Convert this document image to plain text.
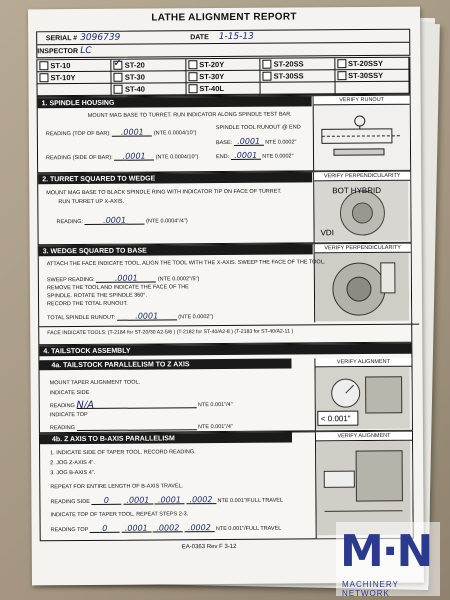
LATHE ALIGNMENT REPORT
SERIAL # 3096739	DATE 1-15-13
INSPECTOR LC
ST-10
✓	ST-20	ST-20Y	ST-20SS	ST-20SSY
ST-10Y	ST-30	ST-30Y	ST-30SS	ST-30SSY
ST-40	ST-40L
1. SPINDLE HOUSING	VERIFY RUNOUT
MOUNT MAG BASE TO TURRET. RUN INDICATOR ALONG SPINDLE TEST BAR.
READING (TOP OF BAR): .0001 (NTE 0.0004/10")
SPINDLE TOOL RUNOUT @ END
BASE: .0001 NTE 0.0002"
READING (SIDE OF BAR): .0001 (NTE 0.0004/10")	END: .0001 NTE 0.0002"
2. TURRET SQUARED TO WEDGE	VERIFY PERPENDICULARITY
BOT HYBRID
VDI
MOUNT MAG BASE TO BLACK SPINDLE RING WITH INDICATOR TIP ON FACE OF TURRET.
RUN TURRET UP X-AXIS.
READING:	.0001	(NTE 0.0004"/4")
3. WEDGE SQUARED TO BASE	VERIFY PERPENDICULARITY
ATTACH THE FACE INDICATE TOOL. ALIGN THE TOOL WITH THE X-AXIS. SWEEP THE FACE OF THE TOOL.
SWEEP READING:	.0001	(NTE 0.0002"/5")
REMOVE THE TOOL AND INDICATE THE FACE OF THE
SPINDLE. ROTATE THE SPINDLE 360°.
RECORD THE TOTAL RUNOUT.
TOTAL SPINDLE RUNOUT:	.0001	(NTE 0.0002")
FACE INDICATE TOOLS: (T-2184 for ST-20/30 A2-5/6 ) (T-2182 for ST-40/A2-8 ) (T-2183 for ST-40/A2-11 )
4. TAILSTOCK ASSEMBLY
4a. TAILSTOCK PARALLELISM TO Z AXIS	VERIFY ALIGNMENT
< 0.001"
MOUNT TAPER ALIGNMENT TOOL.
INDICATE SIDE
READING N/A	NTE 0.001"/4"
INDICATE TOP
READING	NTE 0.001"/4"
4b. Z AXIS TO B-AXIS PARALLELISM	VERIFY ALIGNMENT
1. INDICATE SIDE OF TAPER TOOL. RECORD READING.
2. JOG Z-AXIS 4".
3. JOG B-AXIS 4".
REPEAT FOR ENTIRE LENGTH OF B-AXIS TRAVEL.
READING SIDE 0 .0001 .0001 .0002 NTE 0.001"/FULL TRAVEL
INDICATE TOP OF TAPER TOOL. REPEAT STEPS 2-3.
READING TOP 0 .0001 .0002 .0002 NTE 0.001"/FULL TRAVEL
EA-0363 Rev F 3-12 M·N
MACHINERY NETWORK
